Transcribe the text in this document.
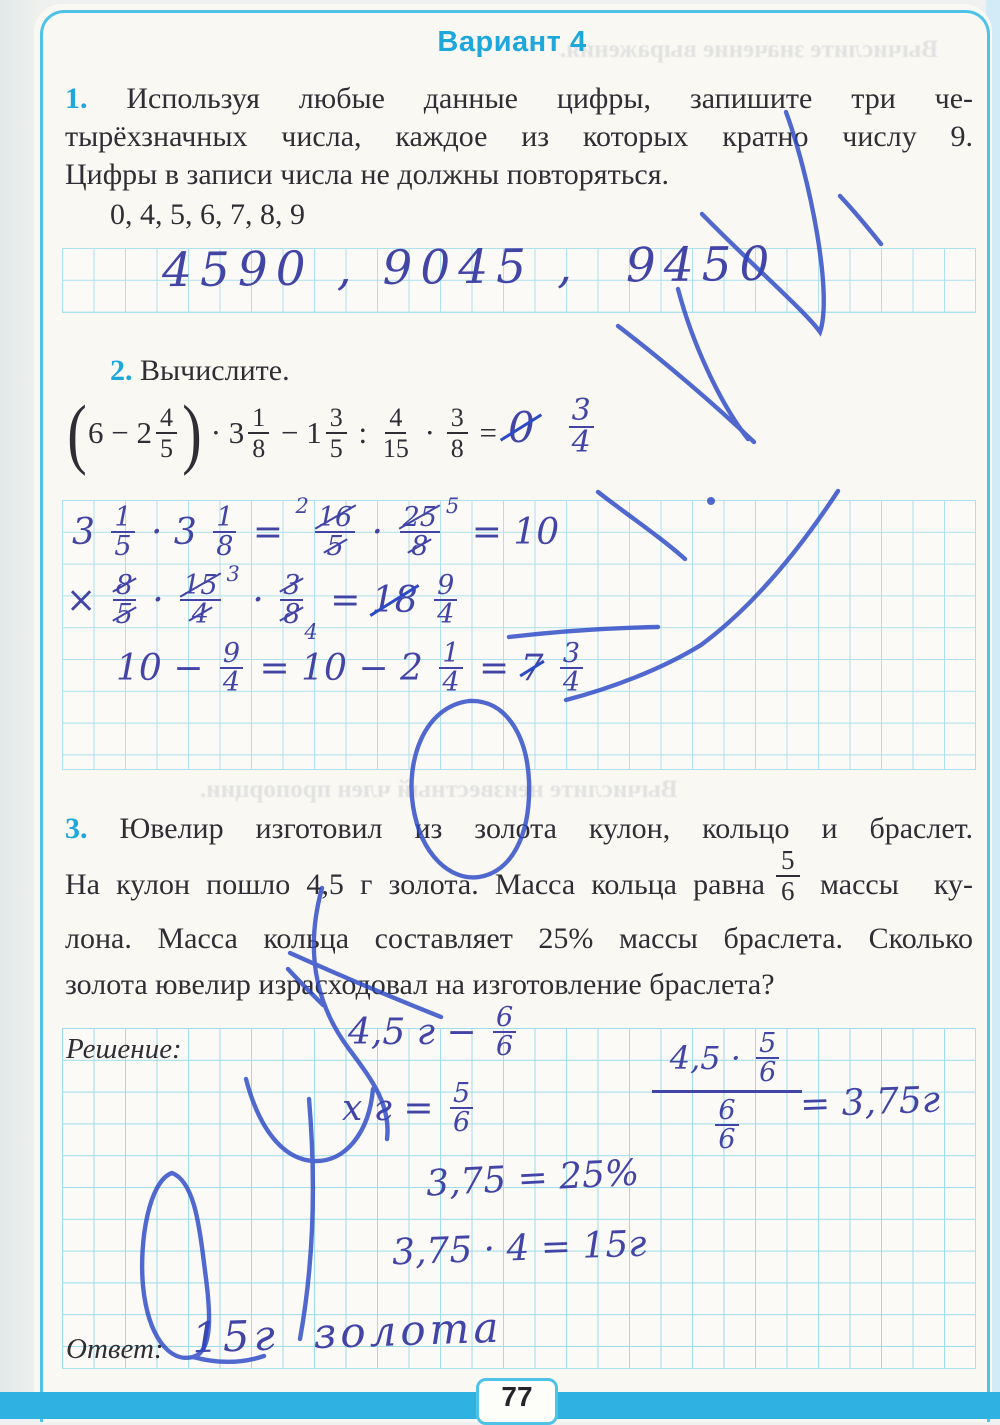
Вычислите значение выражения.
Вариант 4
1. Используя любые данные цифры, запишите три че-
тырёхзначных числа, каждое из которых кратно числу 9.
Цифры в записи числа не должны повторяться.
0, 4, 5, 6, 7, 8, 9
4590 , 9045 ,  9450
2. Вычислите.
( $6 - 2 \frac{4}{5}$ ) · $3 \frac{1}{8} - 1 \frac{3}{5}$ : $\frac{4}{15} \cdot \frac{3}{8} = 0$
$\frac{3}{4}$
$3 \frac{1}{5} \cdot 3 \frac{1}{8}$ =
$2 \frac{16}{5} \cdot \frac{25}{8} 5$
= 10
× $\frac{8}{5} \cdot \frac{15}{4} 3$
· $\frac{3}{8}$
4
= 18
$\frac{9}{4}$
$10 - \frac{9}{4} = 10 - 2 \frac{1}{4} = 7$
$\frac{3}{4}$
Вычислите неизвестный член пропорции.
3. Ювелир изготовил из золота кулон, кольцо и браслет.
На кулон пошло 4,5 г золота. Масса кольца равна $\frac{5}{6}$ массы ку-
лона. Масса кольца составляет 25% массы браслета. Сколько
золота ювелир израсходовал на изготовление браслета?
Решение:	4,5 $г - \frac{6}{6}$
х $г = \frac{5}{6}$
$4,5 \cdot \frac{5}{6}$
$\frac{6}{6} = 3,75г$
3,75 = 25%
3,75 · 4 = 15г
Ответ: 15г  золота
77
